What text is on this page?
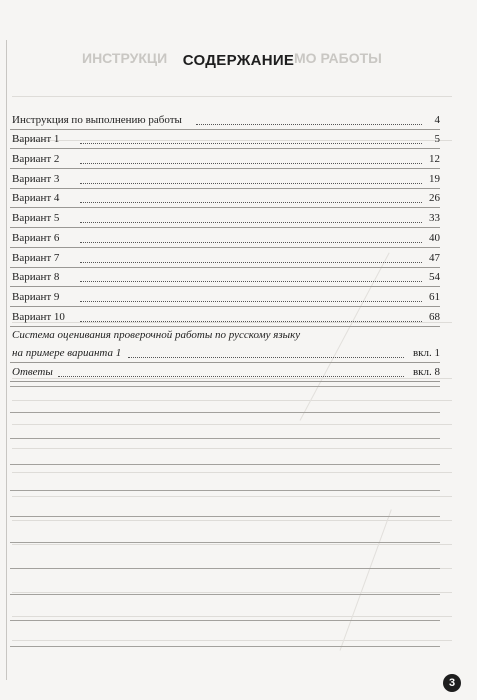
ИНСТРУКЦИ	МО РАБОТЫ
СОДЕРЖАНИЕ
Инструкция по выполнению работы	4
Вариант 1	5
Вариант 2	12
Вариант 3	19
Вариант 4	26
Вариант 5	33
Вариант 6	40
Вариант 7	47
Вариант 8	54
Вариант 9	61
Вариант 10	68
Система оценивания проверочной работы по русскому языку
на примере варианта 1	вкл. 1
Ответы	вкл. 8
3
